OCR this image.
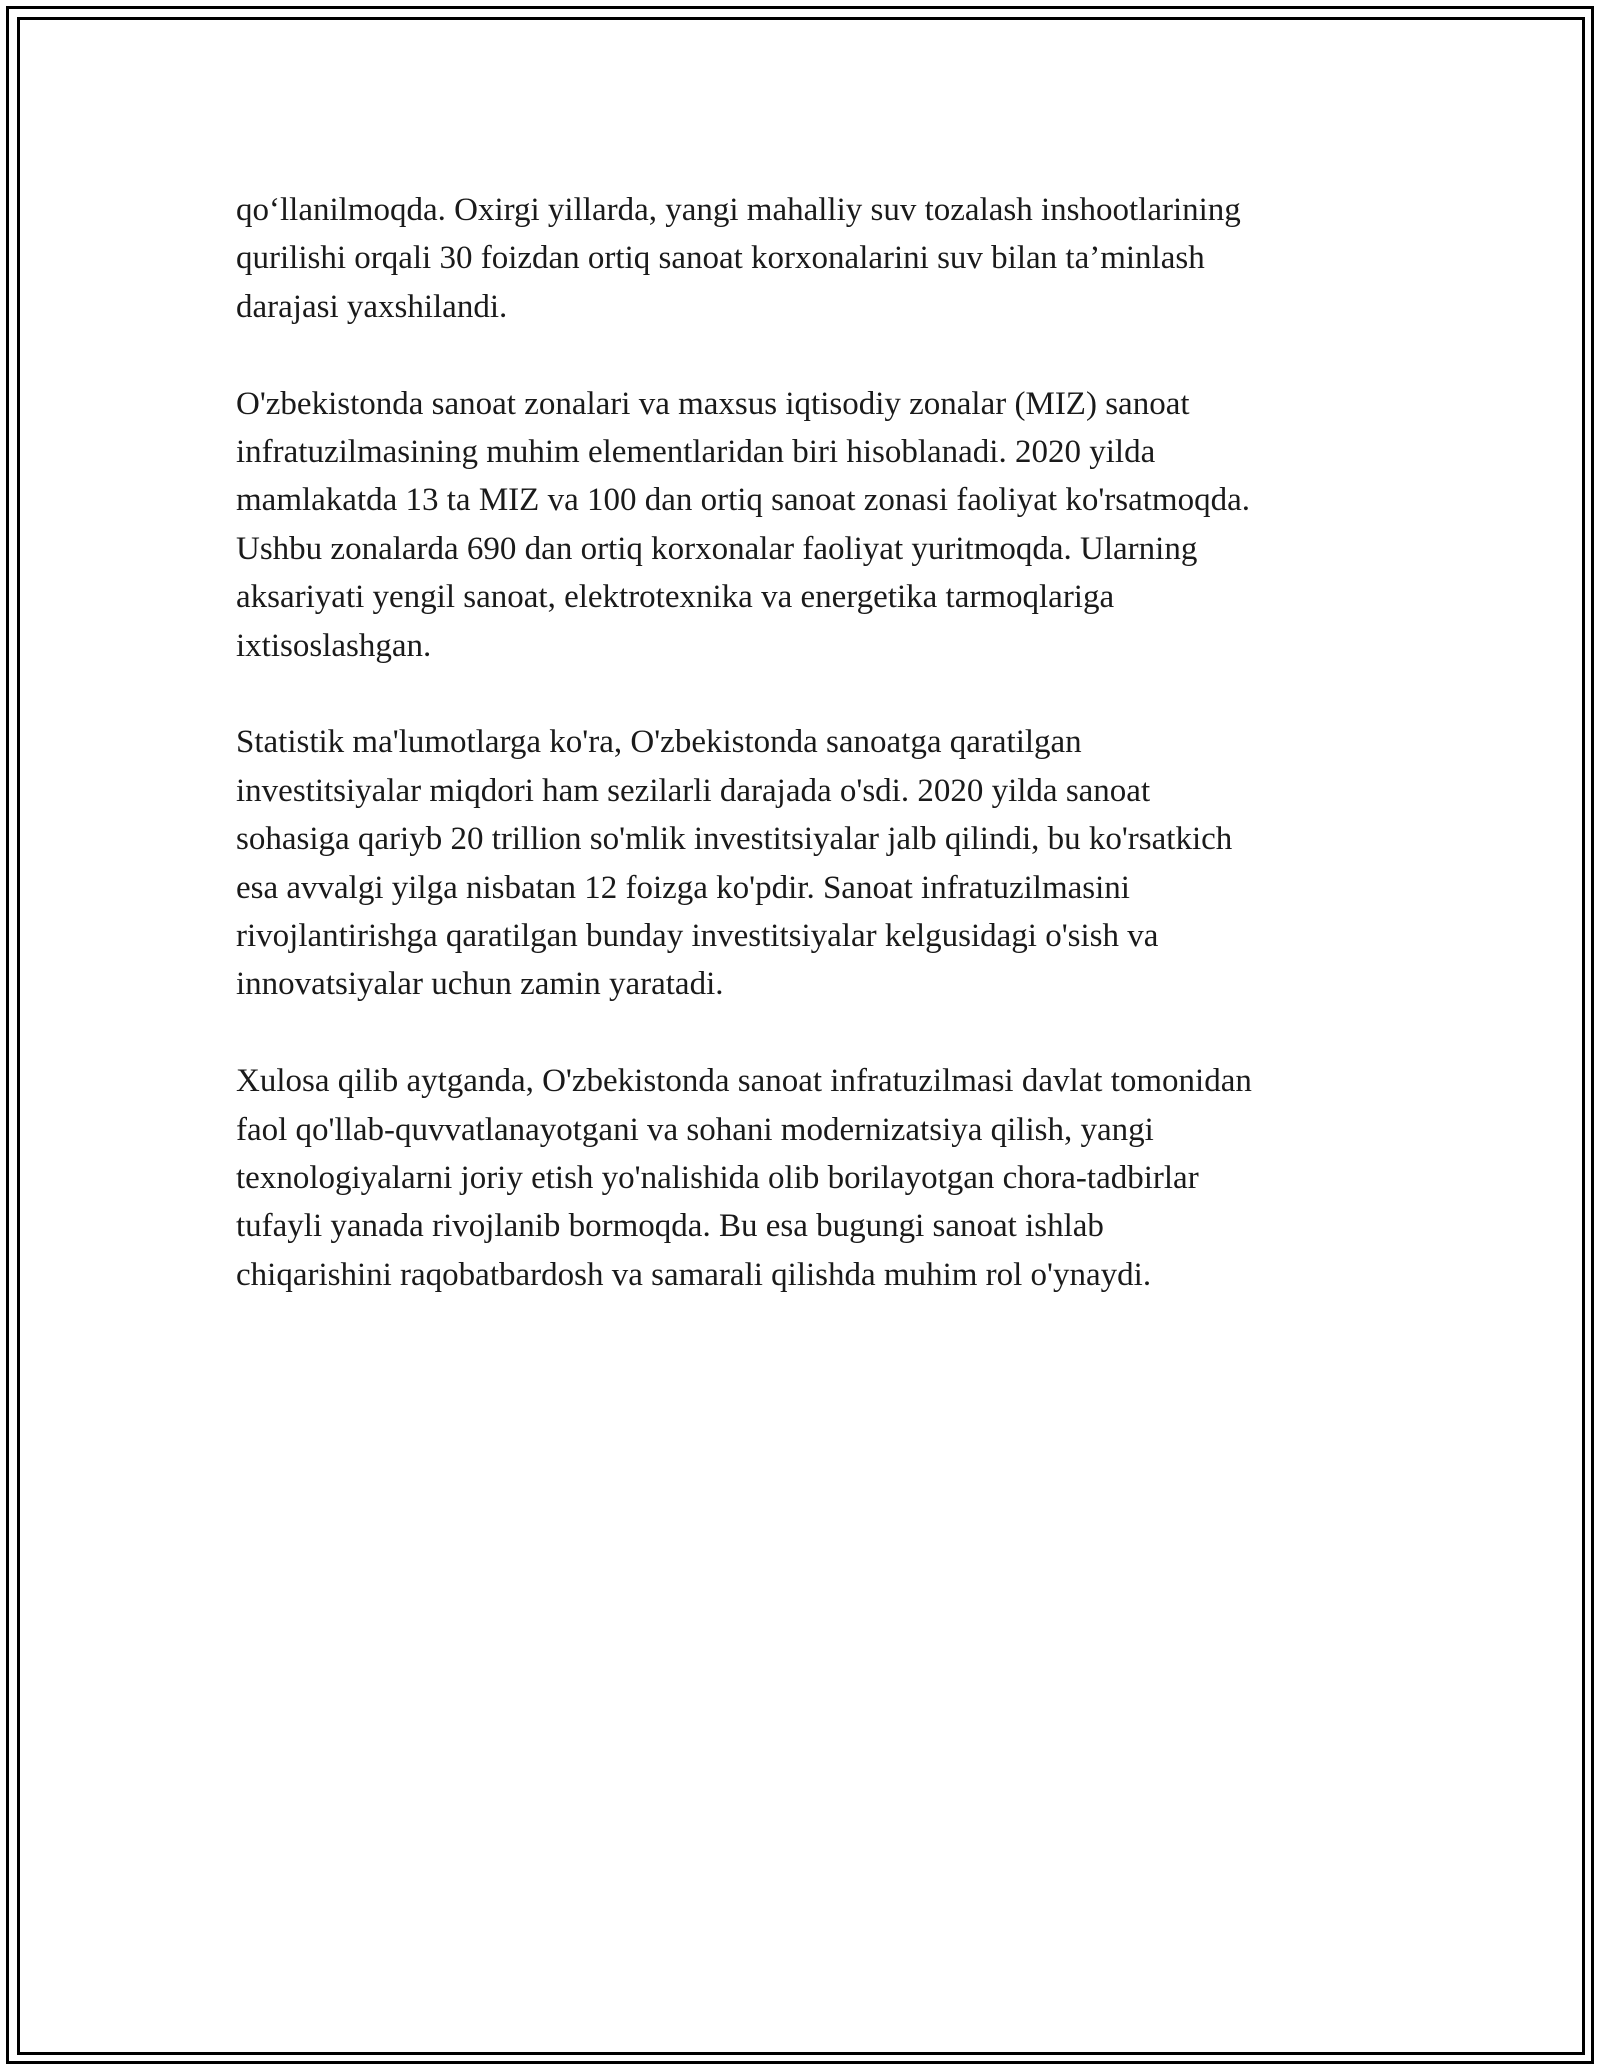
qo‘llanilmoqda. Oxirgi yillarda, yangi mahalliy suv tozalash inshootlarining
qurilishi orqali 30 foizdan ortiq sanoat korxonalarini suv bilan ta’minlash
darajasi yaxshilandi.

O'zbekistonda sanoat zonalari va maxsus iqtisodiy zonalar (MIZ) sanoat
infratuzilmasining muhim elementlaridan biri hisoblanadi. 2020 yilda
mamlakatda 13 ta MIZ va 100 dan ortiq sanoat zonasi faoliyat ko'rsatmoqda.
Ushbu zonalarda 690 dan ortiq korxonalar faoliyat yuritmoqda. Ularning
aksariyati yengil sanoat, elektrotexnika va energetika tarmoqlariga
ixtisoslashgan.

Statistik ma'lumotlarga ko'ra, O'zbekistonda sanoatga qaratilgan
investitsiyalar miqdori ham sezilarli darajada o'sdi. 2020 yilda sanoat
sohasiga qariyb 20 trillion so'mlik investitsiyalar jalb qilindi, bu ko'rsatkich
esa avvalgi yilga nisbatan 12 foizga ko'pdir. Sanoat infratuzilmasini
rivojlantirishga qaratilgan bunday investitsiyalar kelgusidagi o'sish va
innovatsiyalar uchun zamin yaratadi.

Xulosa qilib aytganda, O'zbekistonda sanoat infratuzilmasi davlat tomonidan
faol qo'llab-quvvatlanayotgani va sohani modernizatsiya qilish, yangi
texnologiyalarni joriy etish yo'nalishida olib borilayotgan chora-tadbirlar
tufayli yanada rivojlanib bormoqda. Bu esa bugungi sanoat ishlab
chiqarishini raqobatbardosh va samarali qilishda muhim rol o'ynaydi.
